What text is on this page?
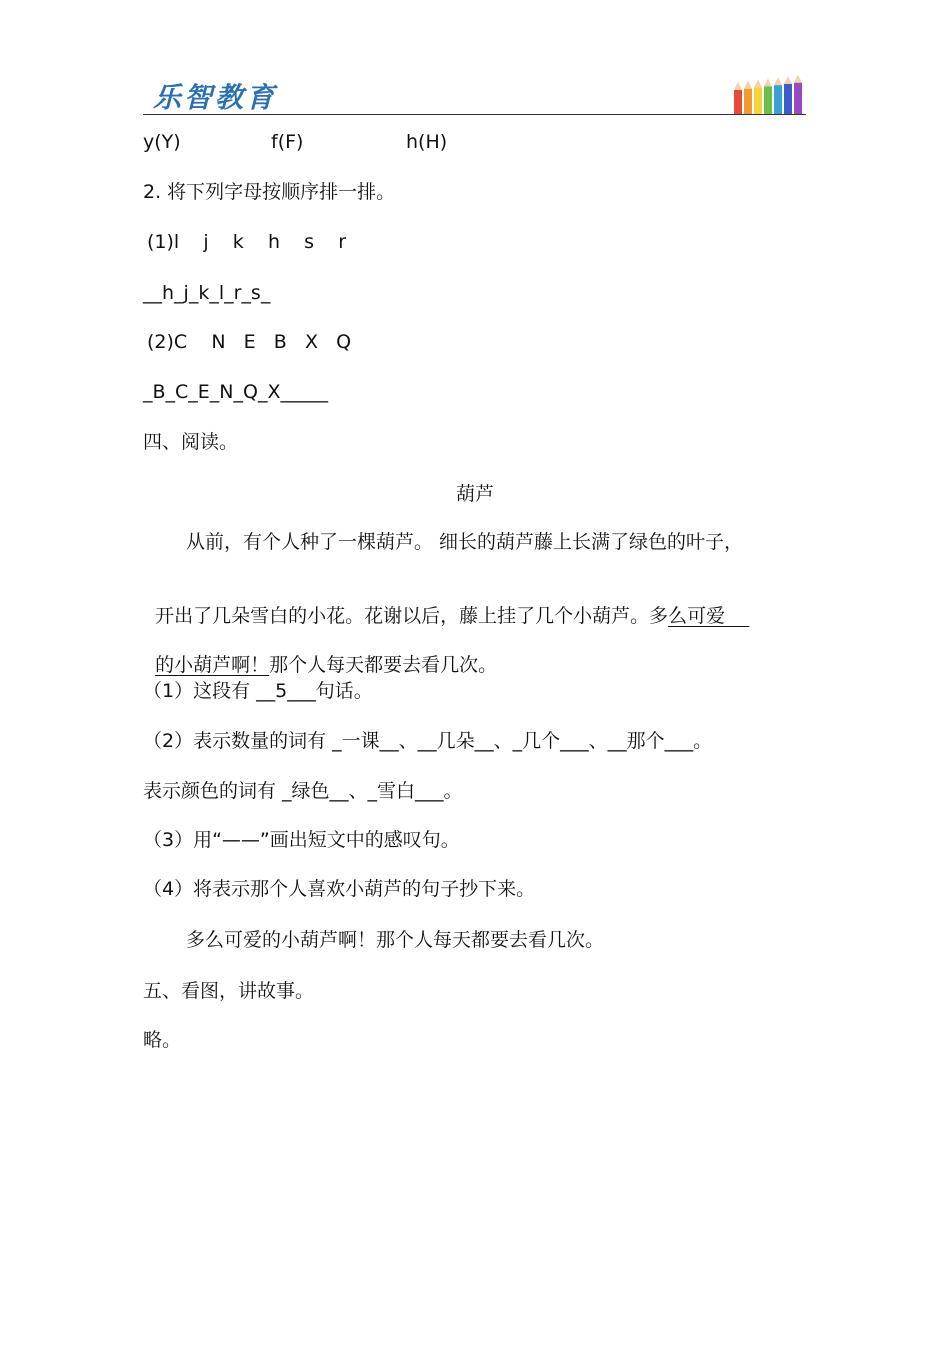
乐智教育
y(Y)	f(F)	h(H)
2. 将下列字母按顺序排一排。
(1)l    j    k    h    s    r
__h_j_k_l_r_s_
(2)C    N   E   B   X   Q
_B_C_E_N_Q_X_____
四、阅读。
葫芦
从前，有个人种了一棵葫芦。 细长的葫芦藤上长满了绿色的叶子，

开出了几朵雪白的小花。花谢以后，藤上挂了几个小葫芦。多么可爱

的小葫芦啊！那个人每天都要去看几次。

（1）这段有 __5___句话。
（2）表示数量的词有 _一课__、__几朵__、_几个___、__那个___。
表示颜色的词有 _绿色__、_雪白___。
（3）用“——”画出短文中的感叹句。
（4）将表示那个人喜欢小葫芦的句子抄下来。
多么可爱的小葫芦啊！那个人每天都要去看几次。
五、看图，讲故事。
略。
